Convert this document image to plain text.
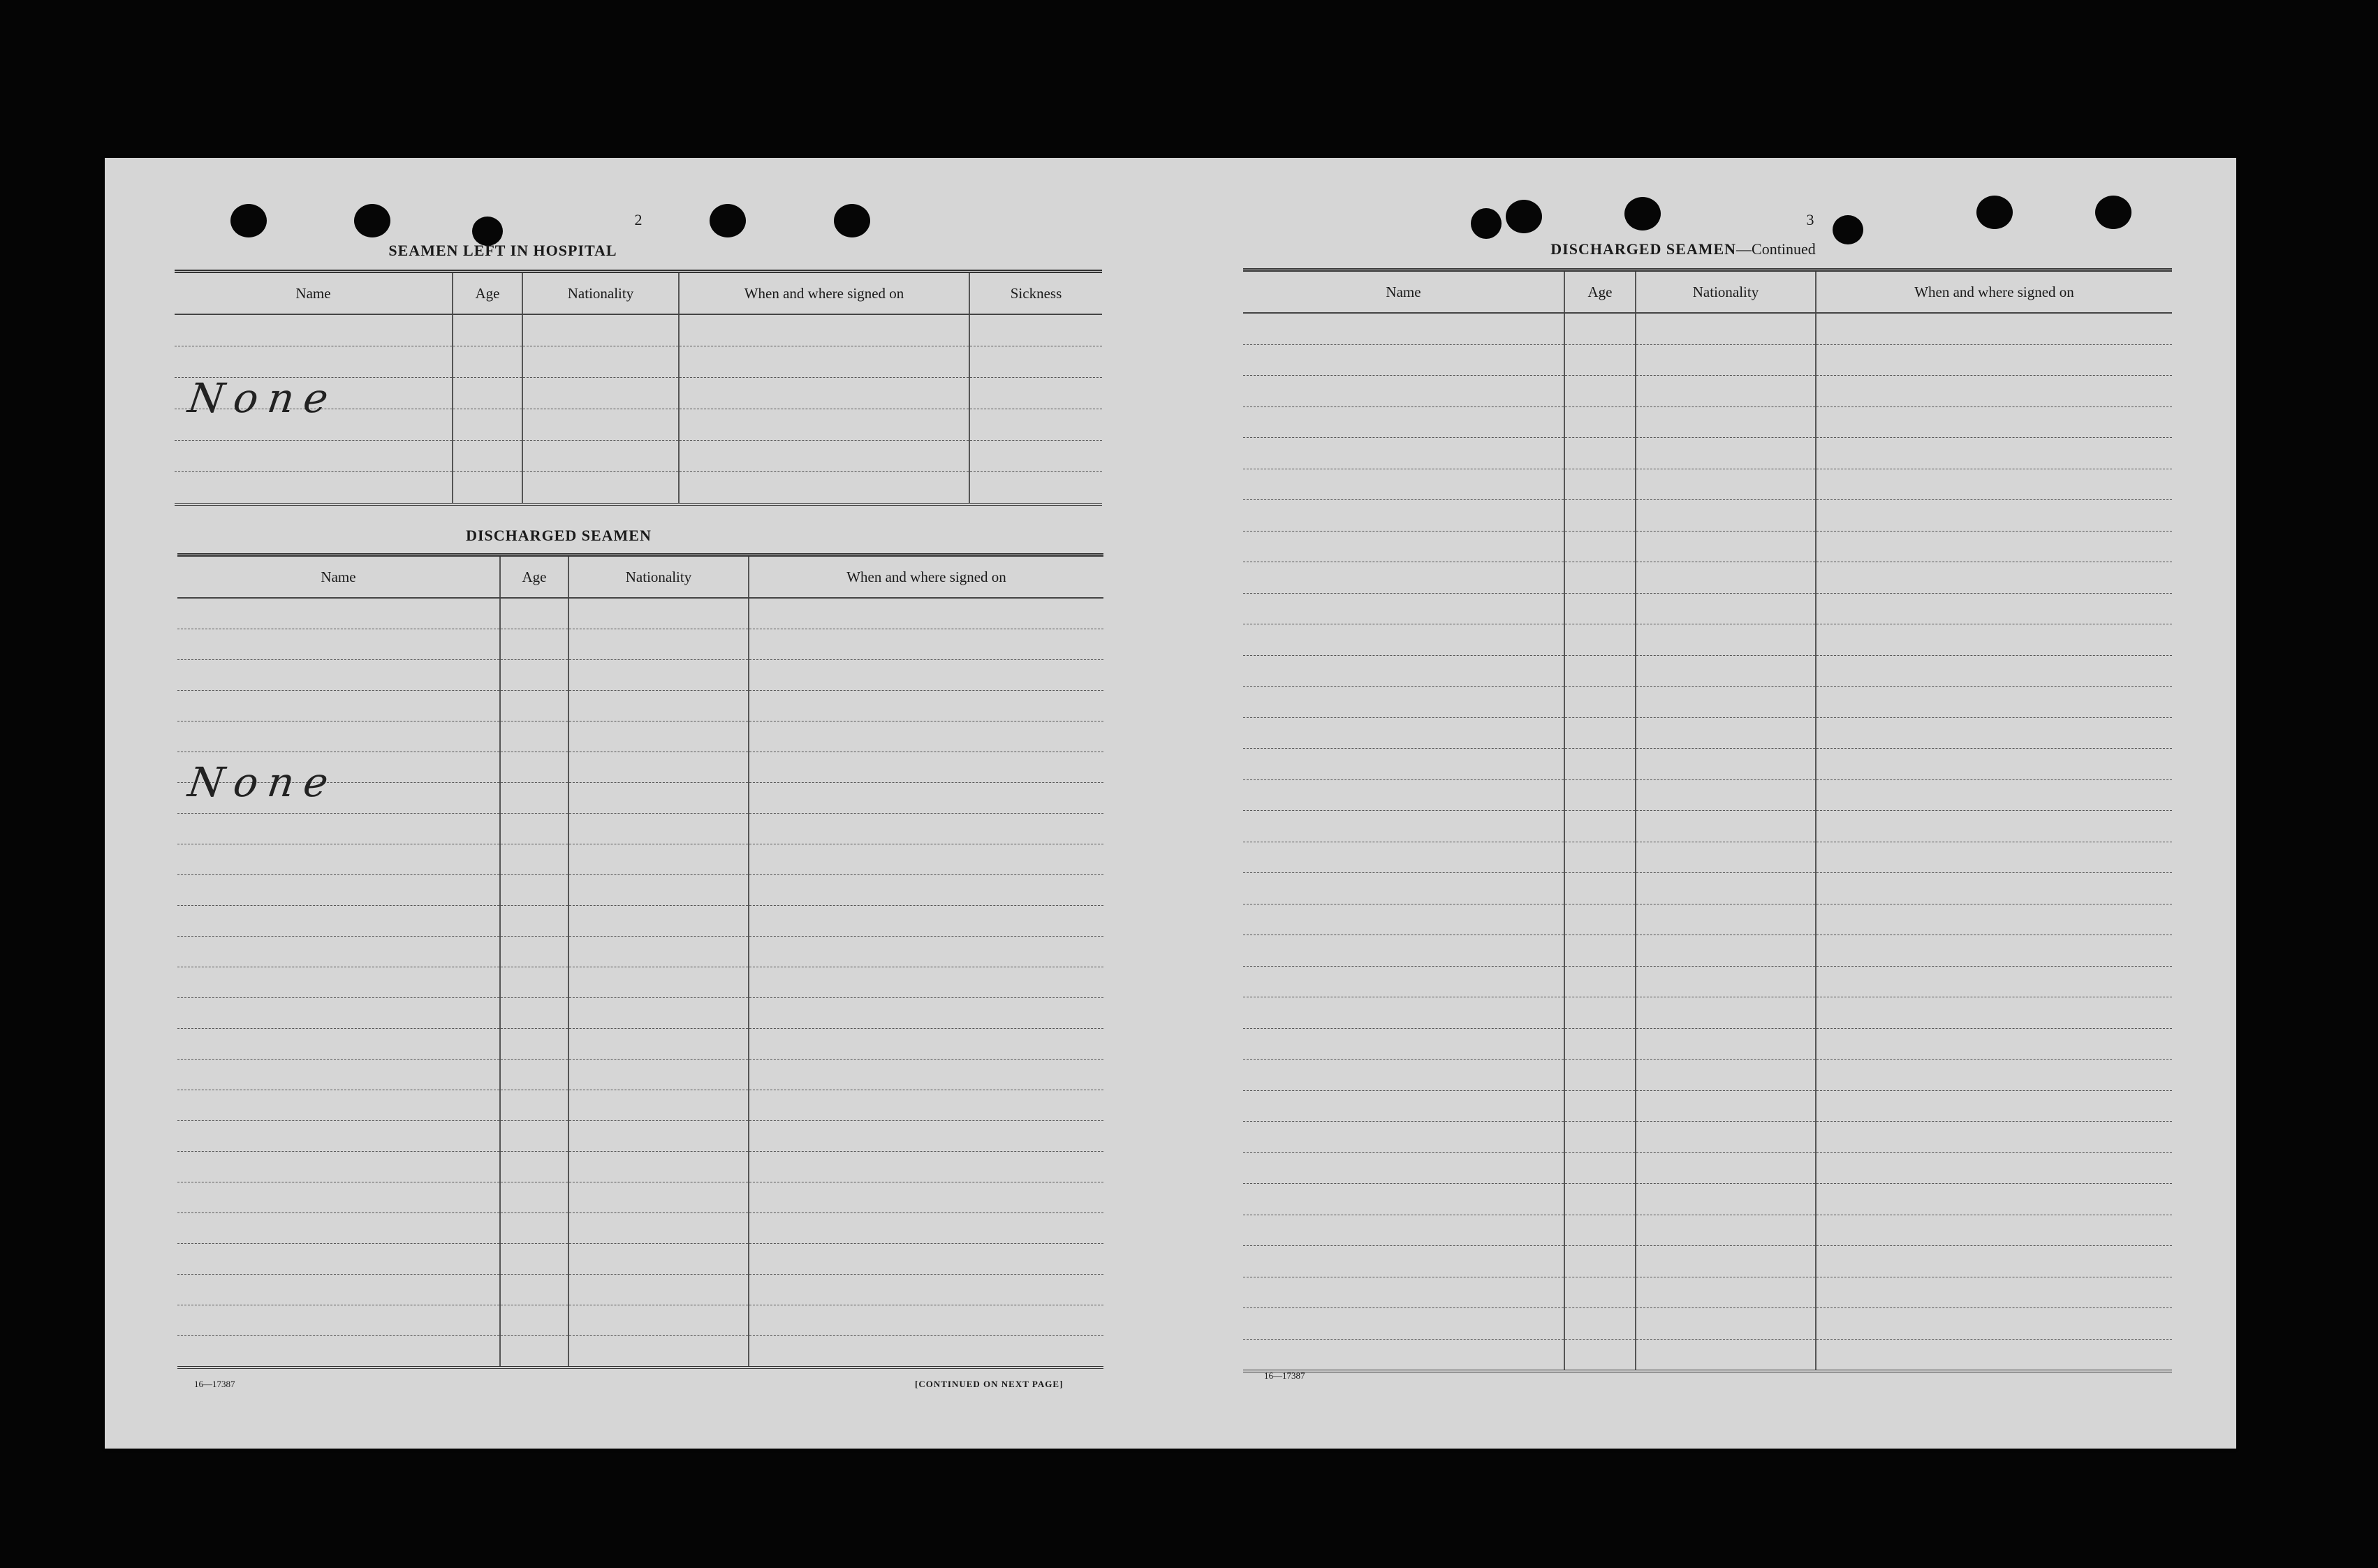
2
SEAMEN LEFT IN HOSPITAL
Name	Age	Nationality	When and where signed on	Sickness

None
DISCHARGED SEAMEN
Name	Age	Nationality	When and where signed on

None
16—17387	[CONTINUED ON NEXT PAGE]
3
DISCHARGED SEAMEN—Continued
Name	Age	Nationality	When and where signed on

16—17387
